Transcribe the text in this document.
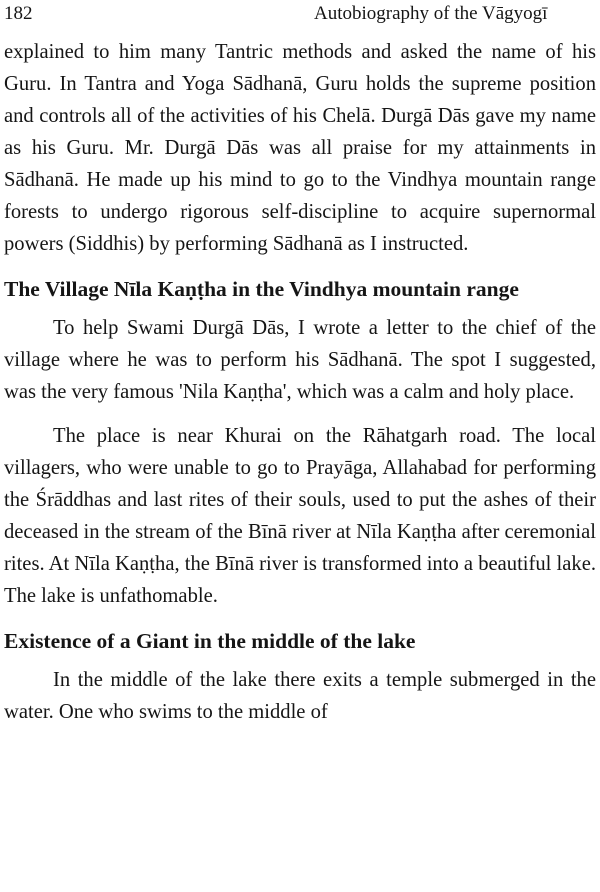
182	Autobiography of the Vāgyogī

explained to him many Tantric methods and asked the name of his Guru. In Tantra and Yoga Sādhanā, Guru holds the supreme position and controls all of the activities of his Chelā. Durgā Dās gave my name as his Guru. Mr. Durgā Dās was all praise for my attainments in Sādhanā. He made up his mind to go to the Vindhya mountain range forests to undergo rigorous self-discipline to acquire supernormal powers (Siddhis) by performing Sādhanā as I instructed.

The Village Nīla Kaṇṭha in the Vindhya mountain range

To help Swami Durgā Dās, I wrote a letter to the chief of the village where he was to perform his Sādhanā. The spot I suggested, was the very famous 'Nila Kaṇṭha', which was a calm and holy place.

The place is near Khurai on the Rāhatgarh road. The local villagers, who were unable to go to Prayāga, Allahabad for performing the Śrāddhas and last rites of their souls, used to put the ashes of their deceased in the stream of the Bīnā river at Nīla Kaṇṭha after ceremonial rites. At Nīla Kaṇṭha, the Bīnā river is transformed into a beautiful lake. The lake is unfathomable.

Existence of a Giant in the middle of the lake

In the middle of the lake there exits a temple submerged in the water. One who swims to the middle of
